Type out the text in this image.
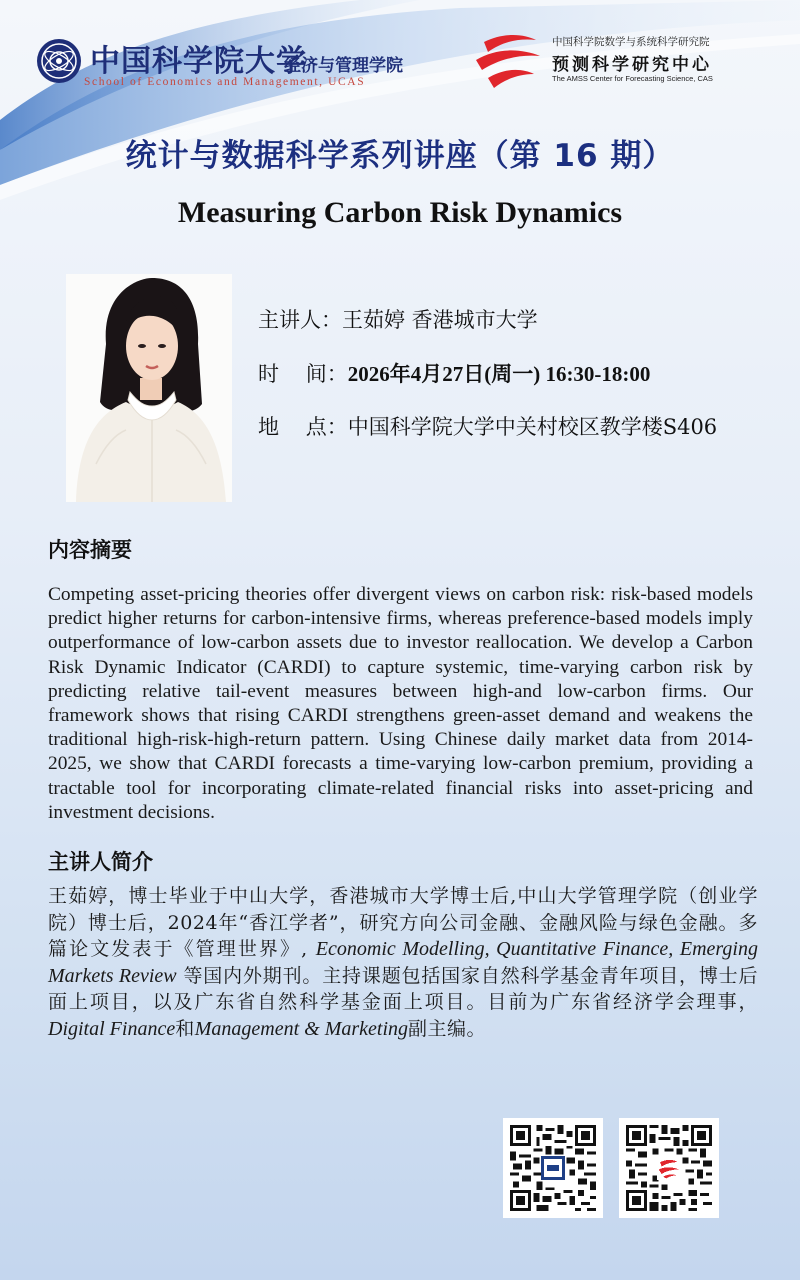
中国科学院大学
经济与管理学院
School of Economics and Management, UCAS
中国科学院数学与系统科学研究院
预测科学研究中心
The AMSS Center for Forecasting Science, CAS
统计与数据科学系列讲座（第 16 期）
Measuring Carbon Risk Dynamics
主讲人：王茹婷 香港城市大学
时    间：2026年4月27日(周一) 16:30-18:00
地    点：中国科学院大学中关村校区教学楼S406
内容摘要
Competing asset-pricing theories offer divergent views on carbon risk: risk-based models predict higher returns for carbon-intensive firms, whereas preference-based models imply outperformance of low-carbon assets due to investor reallocation. We develop a Carbon Risk Dynamic Indicator (CARDI) to capture systemic, time-varying carbon risk by predicting relative tail-event measures between high-and low-carbon firms. Our framework shows that rising CARDI strengthens green-asset demand and weakens the traditional high-risk-high-return pattern. Using Chinese daily market data from 2014-2025, we show that CARDI forecasts a time-varying low-carbon premium, providing a tractable tool for incorporating climate-related financial risks into asset-pricing and investment decisions.
主讲人简介
王茹婷，博士毕业于中山大学，香港城市大学博士后,中山大学管理学院（创业学院）博士后，2024年“香江学者”，研究方向公司金融、金融风险与绿色金融。多篇论文发表于《管理世界》, Economic Modelling, Quantitative Finance, Emerging Markets Review 等国内外期刊。主持课题包括国家自然科学基金青年项目，博士后面上项目，以及广东省自然科学基金面上项目。目前为广东省经济学会理事，Digital Finance和Management & Marketing副主编。
